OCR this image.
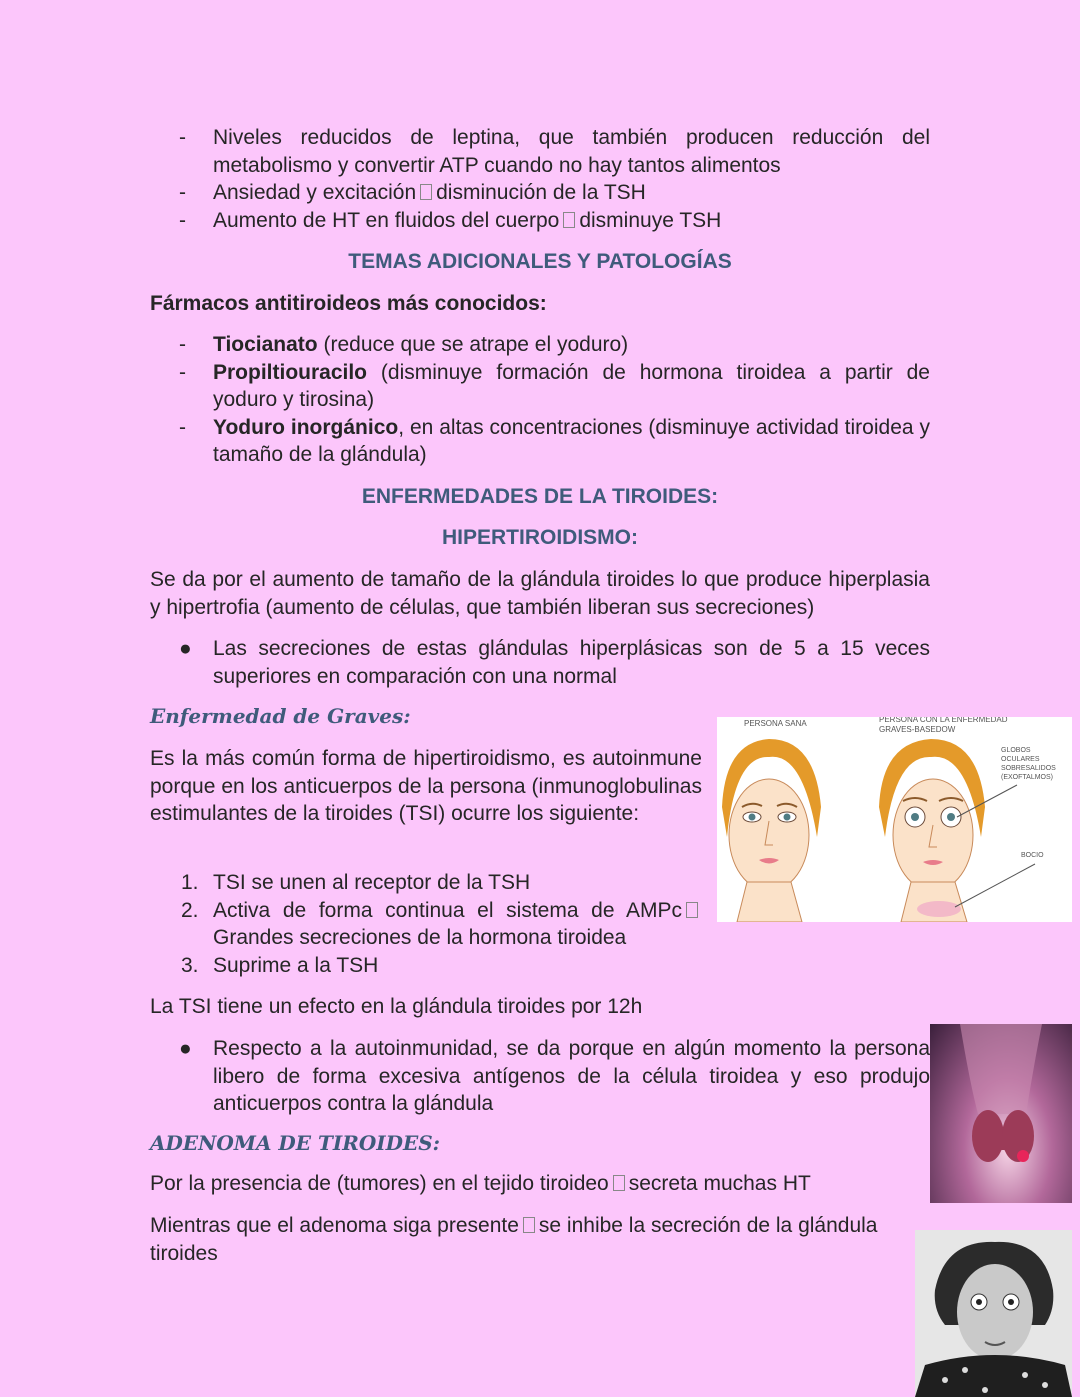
- Niveles reducidos de leptina, que también producen reducción del metabolismo y convertir ATP cuando no hay tantos alimentos
- Ansiedad y excitación disminución de la TSH
- Aumento de HT en fluidos del cuerpo disminuye TSH
TEMAS ADICIONALES Y PATOLOGÍAS
Fármacos antitiroideos más conocidos:
- Tiocianato (reduce que se atrape el yoduro)
- Propiltiouracilo (disminuye formación de hormona tiroidea a partir de yoduro y tirosina)
- Yoduro inorgánico, en altas concentraciones (disminuye actividad tiroidea y tamaño de la glándula)
ENFERMEDADES DE LA TIROIDES:
HIPERTIROIDISMO:

Se da por el aumento de tamaño de la glándula tiroides lo que produce hiperplasia y hipertrofia (aumento de células, que también liberan sus secreciones)

● Las secreciones de estas glándulas hiperplásicas son de 5 a 15 veces superiores en comparación con una normal
Enfermedad de Graves:

Es la más común forma de hipertiroidismo, es autoinmune porque en los anticuerpos de la persona (inmunoglobulinas estimulantes de la tiroides (TSI) ocurre los siguiente:

1. TSI se unen al receptor de la TSH
2. Activa de forma continua el sistema de AMPc Grandes secreciones de la hormona tiroidea
3. Suprime a la TSH

La TSI tiene un efecto en la glándula tiroides por 12h

● Respecto a la autoinmunidad, se da porque en algún momento la persona libero de forma excesiva antígenos de la célula tiroidea y eso produjo anticuerpos contra la glándula
ADENOMA DE TIROIDES:

Por la presencia de (tumores) en el tejido tiroideo secreta muchas HT

Mientras que el adenoma siga presente se inhibe la secreción de la glándula tiroides

PERSONA SANA	PERSONA CON LA ENFERMEDAD GRAVES-BASEDOW
GLOBOS OCULARES SOBRESALIDOS (EXOFTALMOS)
BOCIO
